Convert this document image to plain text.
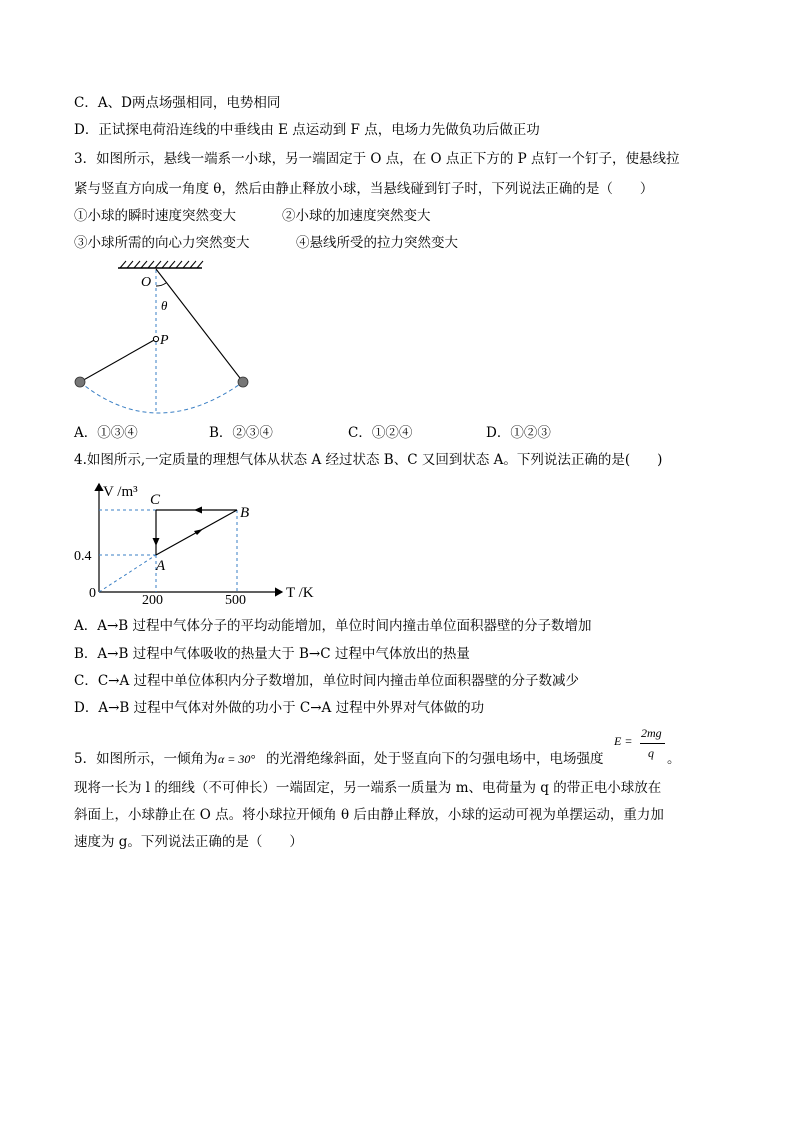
C．A、D两点场强相同，电势相同
D．正试探电荷沿连线的中垂线由 E 点运动到 F 点，电场力先做负功后做正功
3．如图所示，悬线一端系一小球，另一端固定于 O 点，在 O 点正下方的 P 点钉一个钉子，使悬线拉
紧与竖直方向成一角度 θ，然后由静止释放小球，当悬线碰到钉子时，下列说法正确的是（　　）
①小球的瞬时速度突然变大	②小球的加速度突然变大
③小球所需的向心力突然变大	④悬线所受的拉力突然变大
O
θ
P
A．①③④	B．②③④	C．①②④	D．①②③
4.如图所示,一定质量的理想气体从状态 A 经过状态 B、C 又回到状态 A。下列说法正确的是(　　)
V /m³
T /K
0
0.4
200	500
C
B
A
A．A→B 过程中气体分子的平均动能增加，单位时间内撞击单位面积器壁的分子数增加
B．A→B 过程中气体吸收的热量大于 B→C 过程中气体放出的热量
C．C→A 过程中单位体积内分子数增加，单位时间内撞击单位面积器壁的分子数减少
D．A→B 过程中气体对外做的功小于 C→A 过程中外界对气体做的功
5．如图所示，一倾角为 α = 30° 的光滑绝缘斜面，处于竖直向下的匀强电场中，电场强度
E =
2mg
q 。
现将一长为 l 的细线（不可伸长）一端固定，另一端系一质量为 m、电荷量为 q 的带正电小球放在
斜面上，小球静止在 O 点。将小球拉开倾角 θ 后由静止释放，小球的运动可视为单摆运动，重力加
速度为 g。下列说法正确的是（　　）
